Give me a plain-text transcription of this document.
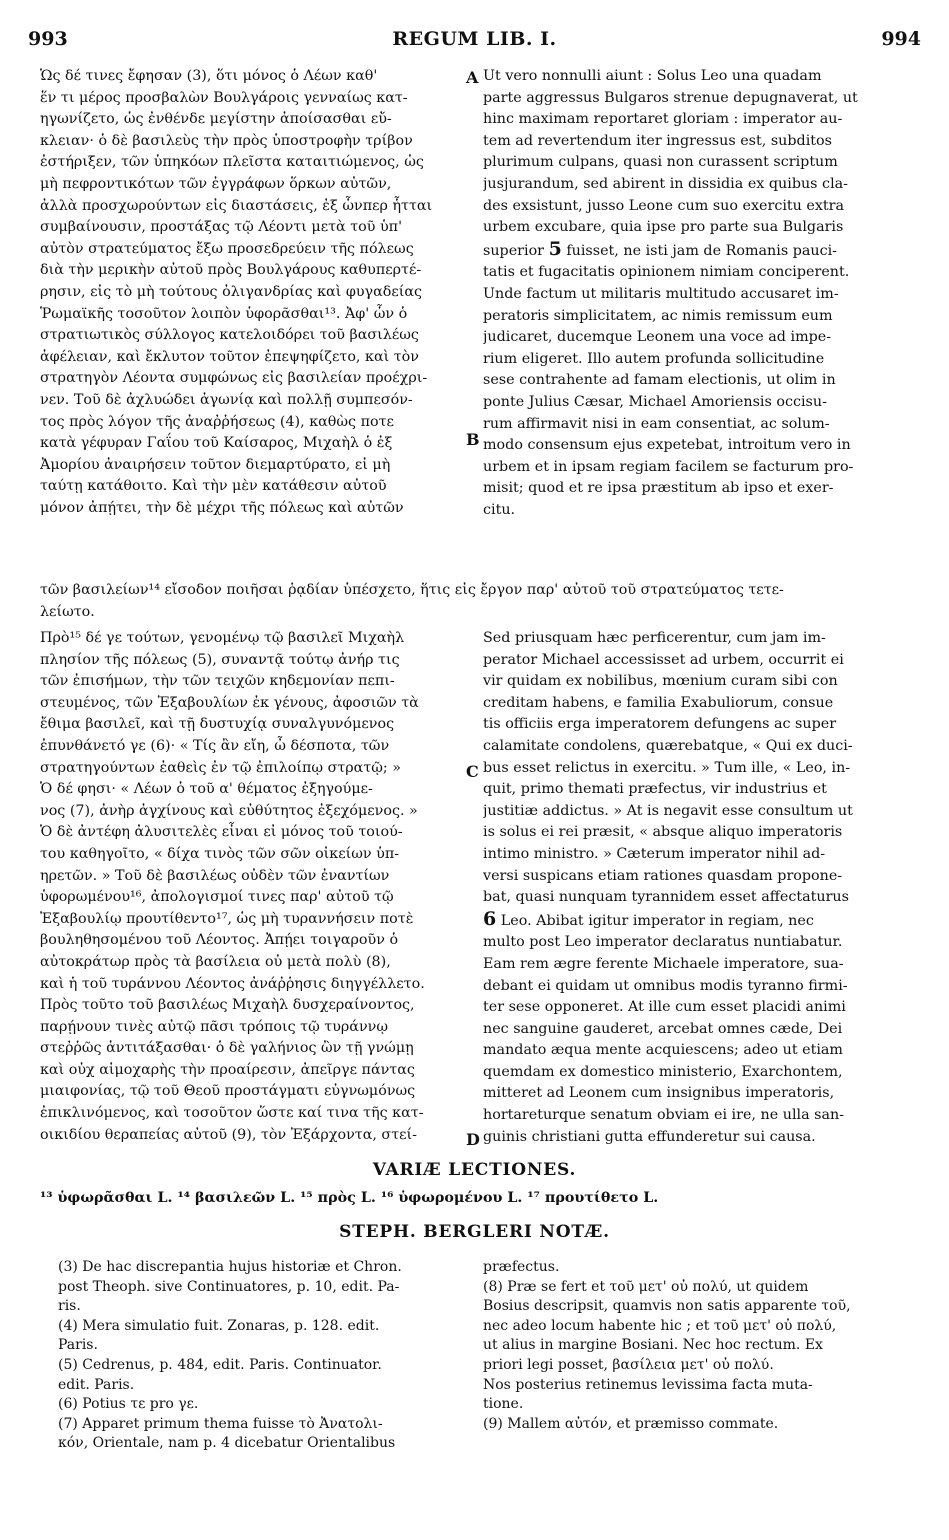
993	REGUM LIB. I.	994

Ὡς δέ τινες ἔφησαν (3), ὅτι μόνος ὁ Λέων καθ'

ἕν τι μέρος προσβαλὼν Βουλγάροις γενναίως κατ-

ηγωνίζετο, ὡς ἐνθένδε μεγίστην ἀποίσασθαι εὔ-

κλειαν· ὁ δὲ βασιλεὺς τὴν πρὸς ὑποστροφὴν τρίβον

ἐστήριξεν, τῶν ὑπηκόων πλεῖστα καταιτιώμενος, ὡς

μὴ πεφροντικότων τῶν ἐγγράφων ὅρκων αὐτῶν,

ἀλλὰ προσχωρούντων εἰς διαστάσεις, ἐξ ὧνπερ ἧτται

συμβαίνουσιν, προστάξας τῷ Λέοντι μετὰ τοῦ ὑπ'

αὐτὸν στρατεύματος ἔξω προσεδρεύειν τῆς πόλεως

διὰ τὴν μερικὴν αὐτοῦ πρὸς Βουλγάρους καθυπερτέ-

ρησιν, εἰς τὸ μὴ τούτους ὀλιγανδρίας καὶ φυγαδείας

Ῥωμαϊκῆς τοσοῦτον λοιπὸν ὑφορᾶσθαι¹³. Ἀφ' ὧν ὁ

στρατιωτικὸς σύλλογος κατελοιδόρει τοῦ βασιλέως

ἀφέλειαν, καὶ ἔκλυτον τοῦτον ἐπεψηφίζετο, καὶ τὸν

στρατηγὸν Λέοντα συμφώνως εἰς βασιλείαν προέχρι-

νεν. Τοῦ δὲ ἀχλυώδει ἀγωνίᾳ καὶ πολλῇ συμπεσόν-

τος πρὸς λόγον τῆς ἀναῤῥήσεως (4), καθὼς ποτε

κατὰ γέφυραν Γαΐου τοῦ Καίσαρος, Μιχαὴλ ὁ ἐξ

Ἀμορίου ἀναιρήσειν τοῦτον διεμαρτύρατο, εἰ μὴ

ταύτῃ κατάθοιτο. Καὶ τὴν μὲν κατάθεσιν αὐτοῦ

μόνον ἀπῄτει, τὴν δὲ μέχρι τῆς πόλεως καὶ αὐτῶν

Ut vero nonnulli aiunt : Solus Leo una quadam

parte aggressus Bulgaros strenue depugnaverat, ut

hinc maximam reportaret gloriam : imperator au-

tem ad revertendum iter ingressus est, subditos

plurimum culpans, quasi non curassent scriptum

jusjurandum, sed abirent in dissidia ex quibus cla-

des exsistunt, jusso Leone cum suo exercitu extra

urbem excubare, quia ipse pro parte sua Bulgaris

superior 5 fuisset, ne isti jam de Romanis pauci-

tatis et fugacitatis opinionem nimiam conciperent.

Unde factum ut militaris multitudo accusaret im-

peratoris simplicitatem, ac nimis remissum eum

judicaret, ducemque Leonem una voce ad impe-

rium eligeret. Illo autem profunda sollicitudine

sese contrahente ad famam electionis, ut olim in

ponte Julius Cæsar, Michael Amoriensis occisu-

rum affirmavit nisi in eam consentiat, ac solum-

modo consensum ejus expetebat, introitum vero in

urbem et in ipsam regiam facilem se facturum pro-

misit; quod et re ipsa præstitum ab ipso et exer-

citu.

A
B

τῶν βασιλείων¹⁴ εἴσοδον ποιῆσαι ῥᾳδίαν ὑπέσχετο, ἥτις εἰς ἔργον παρ' αὐτοῦ τοῦ στρατεύματος τετε-

λείωτο.

Πρὸ¹⁵ δέ γε τούτων, γενομένῳ τῷ βασιλεῖ Μιχαὴλ

πλησίον τῆς πόλεως (5), συναντᾷ τούτῳ ἀνήρ τις

τῶν ἐπισήμων, τὴν τῶν τειχῶν κηδεμονίαν πεπι-

στευμένος, τῶν Ἐξαβουλίων ἐκ γένους, ἀφοσιῶν τὰ

ἔθιμα βασιλεῖ, καὶ τῇ δυστυχίᾳ συναλγυνόμενος

ἐπυνθάνετό γε (6)· « Τίς ἂν εἴη, ὦ δέσποτα, τῶν

στρατηγούντων ἐαθεὶς ἐν τῷ ἐπιλοίπῳ στρατῷ; »

Ὁ δέ φησι· « Λέων ὁ τοῦ α' θέματος ἐξηγούμε-

νος (7), ἀνὴρ ἀγχίνους καὶ εὐθύτητος ἐξεχόμενος. »

Ὁ δὲ ἀντέφη ἀλυσιτελὲς εἶναι εἰ μόνος τοῦ τοιού-

του καθηγοῖτο, « δίχα τινὸς τῶν σῶν οἰκείων ὑπ-

ηρετῶν. » Τοῦ δὲ βασιλέως οὐδὲν τῶν ἐναντίων

ὑφορωμένου¹⁶, ἀπολογισμοί τινες παρ' αὐτοῦ τῷ

Ἐξαβουλίῳ προυτίθεντο¹⁷, ὡς μὴ τυραννήσειν ποτὲ

βουληθησομένου τοῦ Λέοντος. Ἀπῄει τοιγαροῦν ὁ

αὐτοκράτωρ πρὸς τὰ βασίλεια οὐ μετὰ πολὺ (8),

καὶ ἡ τοῦ τυράννου Λέοντος ἀνάῤῥησις διηγγέλλετο.

Πρὸς τοῦτο τοῦ βασιλέως Μιχαὴλ δυσχεραίνοντος,

παρῄνουν τινὲς αὐτῷ πᾶσι τρόποις τῷ τυράννῳ

στεῤῥῶς ἀντιτάξασθαι· ὁ δὲ γαλήνιος ὢν τῇ γνώμῃ

καὶ οὐχ αἱμοχαρὴς τὴν προαίρεσιν, ἀπεῖργε πάντας

μιαιφονίας, τῷ τοῦ Θεοῦ προστάγματι εὐγνωμόνως

ἐπικλινόμενος, καὶ τοσοῦτον ὥστε καί τινα τῆς κατ-

οικιδίου θεραπείας αὐτοῦ (9), τὸν Ἐξάρχοντα, στεί-

Sed priusquam hæc perficerentur, cum jam im-

perator Michael accessisset ad urbem, occurrit ei

vir quidam ex nobilibus, mœnium curam sibi con

creditam habens, e familia Exabuliorum, consue

tis officiis erga imperatorem defungens ac super

calamitate condolens, quærebatque, « Qui ex duci-

bus esset relictus in exercitu. » Tum ille, « Leo, in-

quit, primo themati præfectus, vir industrius et

justitiæ addictus. » At is negavit esse consultum ut

is solus ei rei præsit, « absque aliquo imperatoris

intimo ministro. » Cæterum imperator nihil ad-

versi suspicans etiam rationes quasdam propone-

bat, quasi nunquam tyrannidem esset affectaturus

6 Leo. Abibat igitur imperator in regiam, nec

multo post Leo imperator declaratus nuntiabatur.

Eam rem ægre ferente Michaele imperatore, sua-

debant ei quidam ut omnibus modis tyranno firmi-

ter sese opponeret. At ille cum esset placidi animi

nec sanguine gauderet, arcebat omnes cæde, Dei

mandato æqua mente acquiescens; adeo ut etiam

quemdam ex domestico ministerio, Exarchontem,

mitteret ad Leonem cum insignibus imperatoris,

hortareturque senatum obviam ei ire, ne ulla san-

guinis christiani gutta effunderetur sui causa.

C
D
VARIÆ LECTIONES.
¹³ ὑφωρᾶσθαι L. ¹⁴ βασιλεῶν L. ¹⁵ πρὸς L. ¹⁶ ὑφωρομένου L. ¹⁷ προυτίθετο L.
STEPH. BERGLERI NOTÆ.

(3) De hac discrepantia hujus historiæ et Chron.

post Theoph. sive Continuatores, p. 10, edit. Pa-

ris.

(4) Mera simulatio fuit. Zonaras, p. 128. edit.

Paris.

(5) Cedrenus, p. 484, edit. Paris. Continuator.

edit. Paris.

(6) Potius τε pro γε.

(7) Apparet primum thema fuisse τὸ Ἀνατολι-

κόν, Orientale, nam p. 4 dicebatur Orientalibus

præfectus.

(8) Præ se fert et τοῦ μετ' οὐ πολύ, ut quidem

Bosius descripsit, quamvis non satis apparente τοῦ,

nec adeo locum habente hic ; et τοῦ μετ' οὐ πολύ,

ut alius in margine Bosiani. Nec hoc rectum. Ex

priori legi posset, βασίλεια μετ' οὐ πολύ.

Nos posterius retinemus levissima facta muta-

tione.

(9) Mallem αὐτόν, et præmisso commate.
